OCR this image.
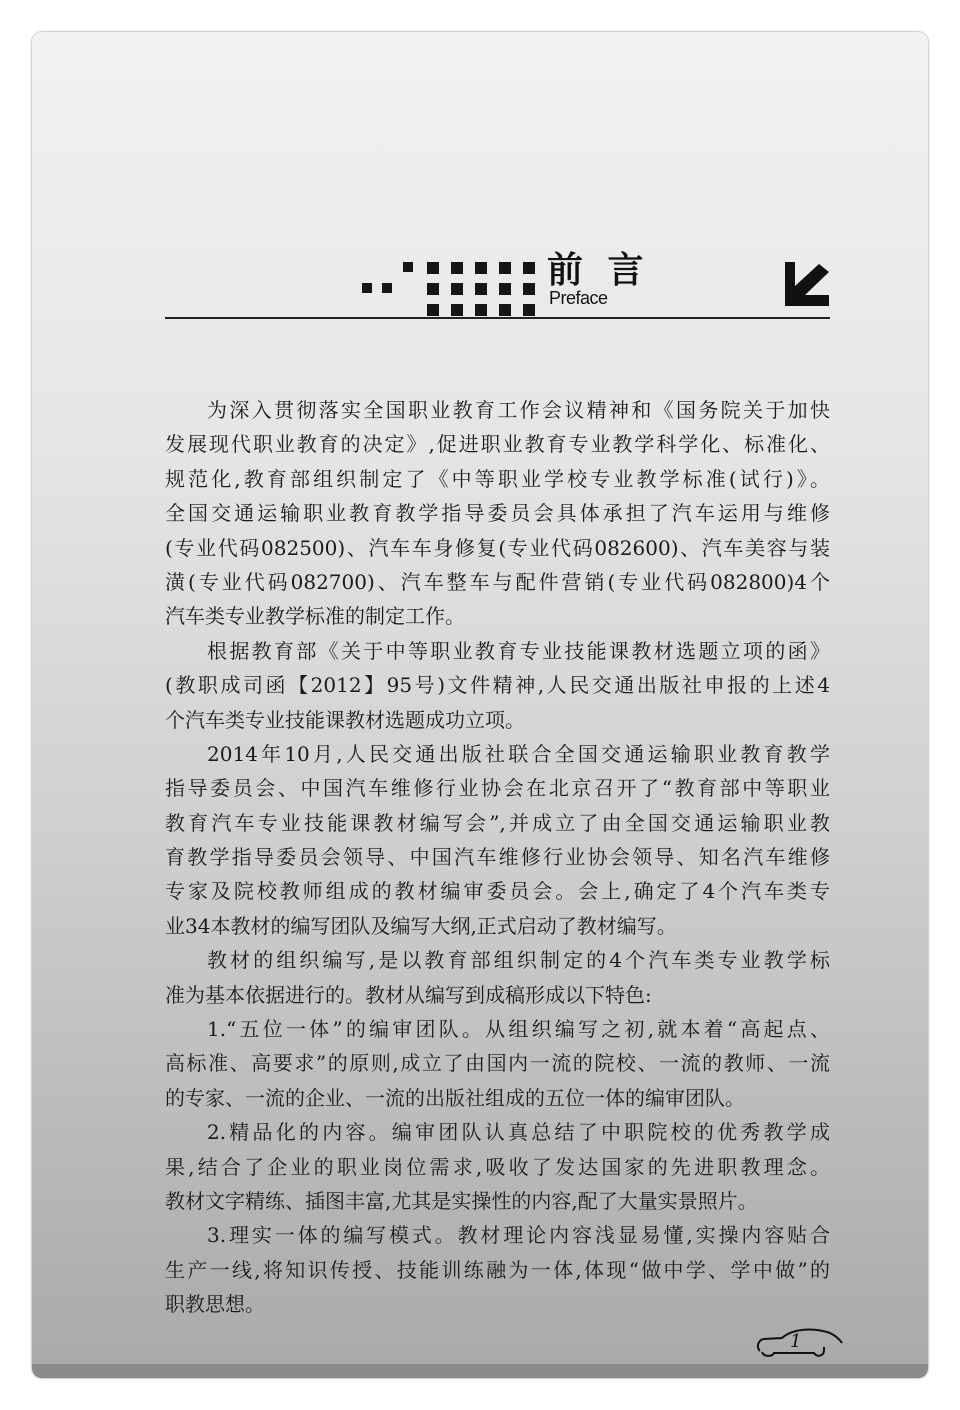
前 言
Preface
为深入贯彻落实全国职业教育工作会议精神和《国务院关于加快
发展现代职业教育的决定》,促进职业教育专业教学科学化、标准化、
规范化,教育部组织制定了《中等职业学校专业教学标准(试行)》。
全国交通运输职业教育教学指导委员会具体承担了汽车运用与维修
(专业代码082500)、汽车车身修复(专业代码082600)、汽车美容与装
潢(专业代码082700)、汽车整车与配件营销(专业代码082800)4个
汽车类专业教学标准的制定工作。
根据教育部《关于中等职业教育专业技能课教材选题立项的函》
(教职成司函【2012】95号)文件精神,人民交通出版社申报的上述4
个汽车类专业技能课教材选题成功立项。
2014年10月,人民交通出版社联合全国交通运输职业教育教学
指导委员会、中国汽车维修行业协会在北京召开了“教育部中等职业
教育汽车专业技能课教材编写会”,并成立了由全国交通运输职业教
育教学指导委员会领导、中国汽车维修行业协会领导、知名汽车维修
专家及院校教师组成的教材编审委员会。会上,确定了4个汽车类专
业34本教材的编写团队及编写大纲,正式启动了教材编写。
教材的组织编写,是以教育部组织制定的4个汽车类专业教学标
准为基本依据进行的。教材从编写到成稿形成以下特色:
1.“五位一体”的编审团队。从组织编写之初,就本着“高起点、
高标准、高要求”的原则,成立了由国内一流的院校、一流的教师、一流
的专家、一流的企业、一流的出版社组成的五位一体的编审团队。
2.精品化的内容。编审团队认真总结了中职院校的优秀教学成
果,结合了企业的职业岗位需求,吸收了发达国家的先进职教理念。
教材文字精练、插图丰富,尤其是实操性的内容,配了大量实景照片。
3.理实一体的编写模式。教材理论内容浅显易懂,实操内容贴合
生产一线,将知识传授、技能训练融为一体,体现“做中学、学中做”的
职教思想。
1
